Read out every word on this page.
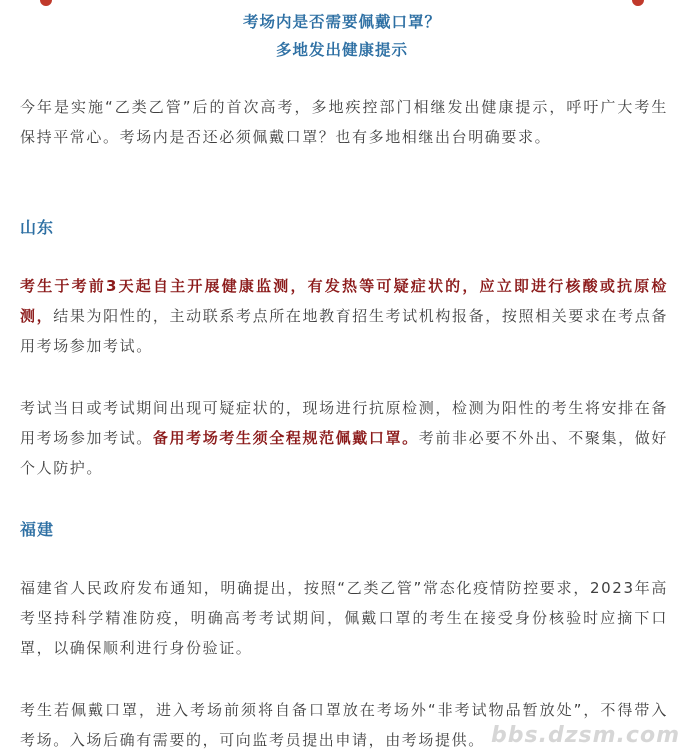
考场内是否需要佩戴口罩？
多地发出健康提示

今年是实施“乙类乙管”后的首次高考，多地疾控部门相继发出健康提示，呼吁广大考生保持平常心。考场内是否还必须佩戴口罩？也有多地相继出台明确要求。

山东

考生于考前3天起自主开展健康监测，有发热等可疑症状的，应立即进行核酸或抗原检测，结果为阳性的，主动联系考点所在地教育招生考试机构报备，按照相关要求在考点备用考场参加考试。

考试当日或考试期间出现可疑症状的，现场进行抗原检测，检测为阳性的考生将安排在备用考场参加考试。备用考场考生须全程规范佩戴口罩。考前非必要不外出、不聚集，做好个人防护。

福建

福建省人民政府发布通知，明确提出，按照“乙类乙管”常态化疫情防控要求，2023年高考坚持科学精准防疫，明确高考考试期间，佩戴口罩的考生在接受身份核验时应摘下口罩，以确保顺利进行身份验证。

考生若佩戴口罩，进入考场前须将自备口罩放在考场外“非考试物品暂放处”，不得带入考场。入场后确有需要的，可向监考员提出申请，由考场提供。 bbs.dzsm.com
